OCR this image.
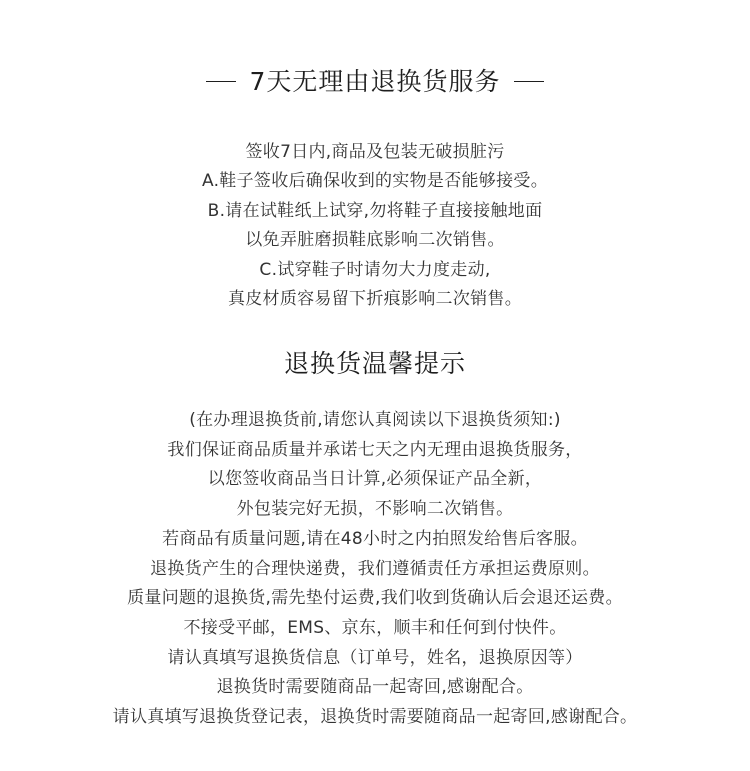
7天无理由退换货服务
签收7日内,商品及包装无破损脏污
A.鞋子签收后确保收到的实物是否能够接受。
B.请在试鞋纸上试穿,勿将鞋子直接接触地面
以免弄脏磨损鞋底影响二次销售。
C.试穿鞋子时请勿大力度走动,
真皮材质容易留下折痕影响二次销售。
退换货温馨提示
(在办理退换货前,请您认真阅读以下退换货须知:)
我们保证商品质量并承诺七天之内无理由退换货服务，
以您签收商品当日计算,必须保证产品全新，
外包装完好无损，不影响二次销售。
若商品有质量问题,请在48小时之内拍照发给售后客服。
退换货产生的合理快递费，我们遵循责任方承担运费原则。
质量问题的退换货,需先垫付运费,我们收到货确认后会退还运费。
不接受平邮，EMS、京东，顺丰和任何到付快件。
请认真填写退换货信息（订单号，姓名，退换原因等）
退换货时需要随商品一起寄回,感谢配合。
请认真填写退换货登记表，退换货时需要随商品一起寄回,感谢配合。
